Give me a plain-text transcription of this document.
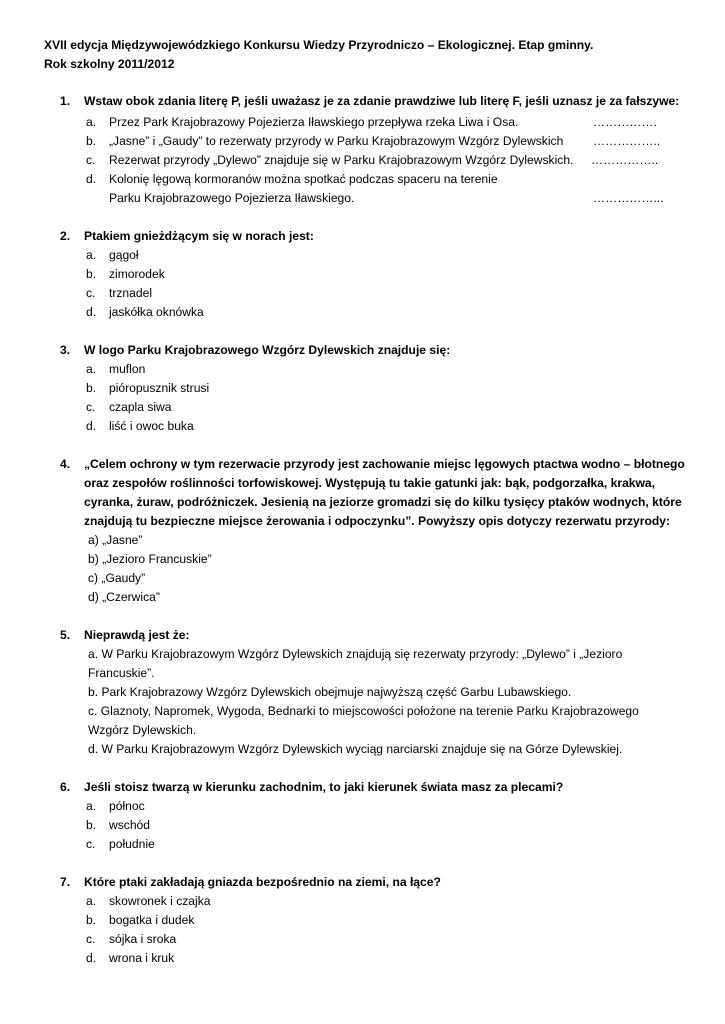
XVII edycja Międzywojewódzkiego Konkursu Wiedzy Przyrodniczo – Ekologicznej. Etap gminny.
Rok szkolny 2011/2012
1. Wstaw obok zdania literę P, jeśli uważasz je za zdanie prawdziwe lub literę F, jeśli uznasz je za fałszywe:
a. Przez Park Krajobrazowy Pojezierza Iławskiego przepływa rzeka Liwa i Osa.	…………….
b. „Jasne” i „Gaudy” to rezerwaty przyrody w Parku Krajobrazowym Wzgórz Dylewskich ……………..
c. Rezerwat przyrody „Dylewo” znajduje się w Parku Krajobrazowym Wzgórz Dylewskich. ……………..
d. Kolonię lęgową kormoranów można spotkać podczas spaceru na terenie
Parku Krajobrazowego Pojezierza Iławskiego.	……………...
2. Ptakiem gnieżdżącym się w norach jest:
a. gągoł
b. zimorodek
c. trznadel
d. jaskółka oknówka
3. W logo Parku Krajobrazowego Wzgórz Dylewskich znajduje się:
a. muflon
b. pióropusznik strusi
c. czapla siwa
d. liść i owoc buka
4. „Celem ochrony w tym rezerwacie przyrody jest zachowanie miejsc lęgowych ptactwa wodno – błotnego
oraz zespołów roślinności torfowiskowej. Występują tu takie gatunki jak: bąk, podgorzałka, krakwa,
cyranka, żuraw, podróżniczek. Jesienią na jeziorze gromadzi się do kilku tysięcy ptaków wodnych, które
znajdują tu bezpieczne miejsce żerowania i odpoczynku”. Powyższy opis dotyczy rezerwatu przyrody:
a) „Jasne”
b) „Jezioro Francuskie”
c) „Gaudy”
d) „Czerwica”
5. Nieprawdą jest że:
a. W Parku Krajobrazowym Wzgórz Dylewskich znajdują się rezerwaty przyrody: „Dylewo” i „Jezioro
Francuskie”.
b. Park Krajobrazowy Wzgórz Dylewskich obejmuje najwyższą część Garbu Lubawskiego.
c. Glaznoty, Napromek, Wygoda, Bednarki to miejscowości położone na terenie Parku Krajobrazowego
Wzgórz Dylewskich.
d. W Parku Krajobrazowym Wzgórz Dylewskich wyciąg narciarski znajduje się na Górze Dylewskiej.
6. Jeśli stoisz twarzą w kierunku zachodnim, to jaki kierunek świata masz za plecami?
a. północ
b. wschód
c. południe
7. Które ptaki zakładają gniazda bezpośrednio na ziemi, na łące?
a. skowronek i czajka
b. bogatka i dudek
c. sójka i sroka
d. wrona i kruk
